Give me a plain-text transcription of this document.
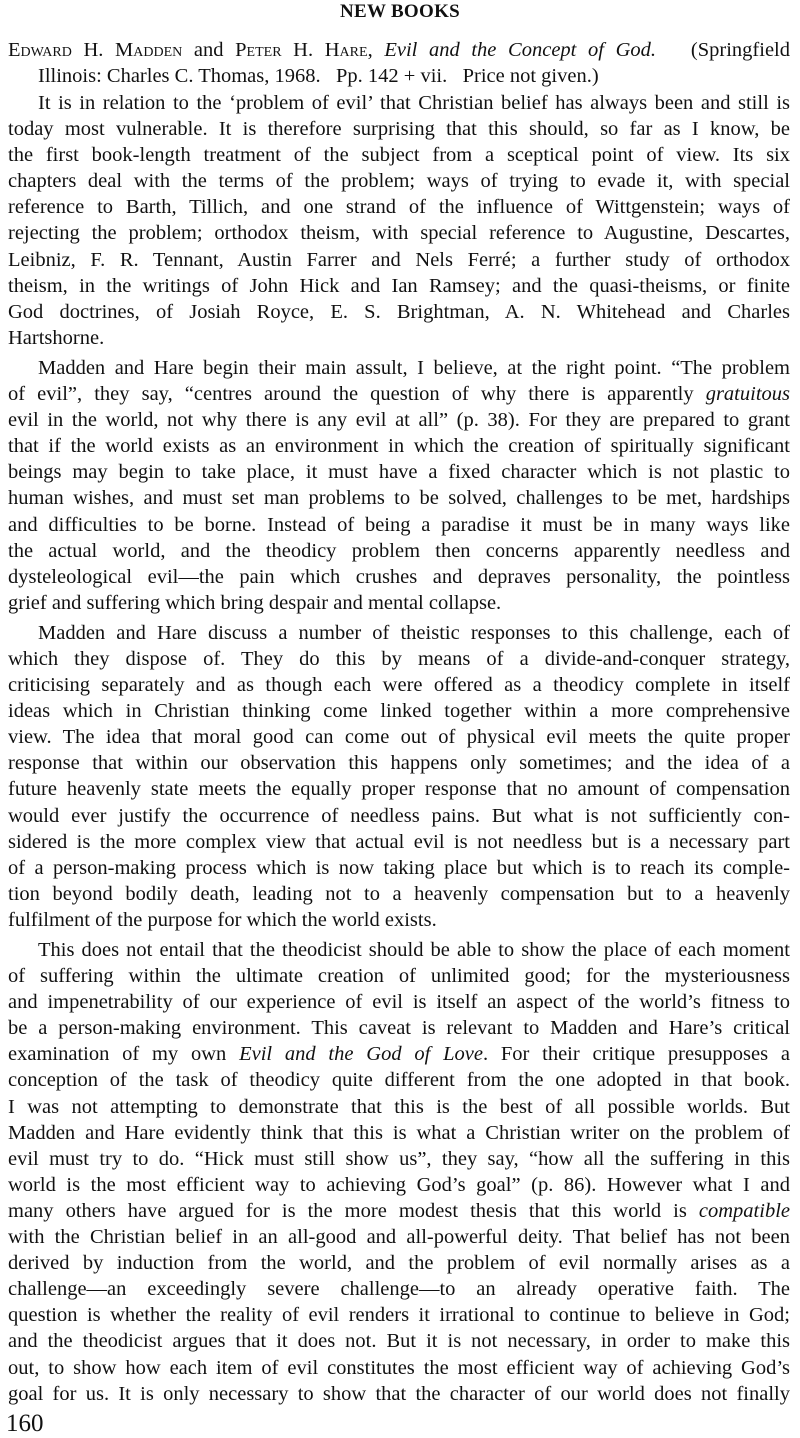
NEW BOOKS
Edward H. Madden and Peter H. Hare, Evil and the Concept of God.   (Springfield
Illinois: Charles C. Thomas, 1968.   Pp. 142 + vii.   Price not given.)
It is in relation to the ‘problem of evil’ that Christian belief has always been and still is
today most vulnerable. It is therefore surprising that this should, so far as I know, be
the first book-length treatment of the subject from a sceptical point of view. Its six
chapters deal with the terms of the problem; ways of trying to evade it, with special
reference to Barth, Tillich, and one strand of the influence of Wittgenstein; ways of
rejecting the problem; orthodox theism, with special reference to Augustine, Descartes,
Leibniz, F. R. Tennant, Austin Farrer and Nels Ferré; a further study of orthodox
theism, in the writings of John Hick and Ian Ramsey; and the quasi-theisms, or finite
God doctrines, of Josiah Royce, E. S. Brightman, A. N. Whitehead and Charles
Hartshorne.
Madden and Hare begin their main assult, I believe, at the right point. “The problem
of evil”, they say, “centres around the question of why there is apparently gratuitous
evil in the world, not why there is any evil at all” (p. 38). For they are prepared to grant
that if the world exists as an environment in which the creation of spiritually significant
beings may begin to take place, it must have a fixed character which is not plastic to
human wishes, and must set man problems to be solved, challenges to be met, hardships
and difficulties to be borne. Instead of being a paradise it must be in many ways like
the actual world, and the theodicy problem then concerns apparently needless and
dysteleological evil—the pain which crushes and depraves personality, the pointless
grief and suffering which bring despair and mental collapse.
Madden and Hare discuss a number of theistic responses to this challenge, each of
which they dispose of. They do this by means of a divide-and-conquer strategy,
criticising separately and as though each were offered as a theodicy complete in itself
ideas which in Christian thinking come linked together within a more comprehensive
view. The idea that moral good can come out of physical evil meets the quite proper
response that within our observation this happens only sometimes; and the idea of a
future heavenly state meets the equally proper response that no amount of compensation
would ever justify the occurrence of needless pains. But what is not sufficiently con-
sidered is the more complex view that actual evil is not needless but is a necessary part
of a person-making process which is now taking place but which is to reach its comple-
tion beyond bodily death, leading not to a heavenly compensation but to a heavenly
fulfilment of the purpose for which the world exists.
This does not entail that the theodicist should be able to show the place of each moment
of suffering within the ultimate creation of unlimited good; for the mysteriousness
and impenetrability of our experience of evil is itself an aspect of the world’s fitness to
be a person-making environment. This caveat is relevant to Madden and Hare’s critical
examination of my own Evil and the God of Love. For their critique presupposes a
conception of the task of theodicy quite different from the one adopted in that book.
I was not attempting to demonstrate that this is the best of all possible worlds. But
Madden and Hare evidently think that this is what a Christian writer on the problem of
evil must try to do. “Hick must still show us”, they say, “how all the suffering in this
world is the most efficient way to achieving God’s goal” (p. 86). However what I and
many others have argued for is the more modest thesis that this world is compatible
with the Christian belief in an all-good and all-powerful deity. That belief has not been
derived by induction from the world, and the problem of evil normally arises as a
challenge—an exceedingly severe challenge—to an already operative faith. The
question is whether the reality of evil renders it irrational to continue to believe in God;
and the theodicist argues that it does not. But it is not necessary, in order to make this
out, to show how each item of evil constitutes the most efficient way of achieving God’s
goal for us. It is only necessary to show that the character of our world does not finally
160
